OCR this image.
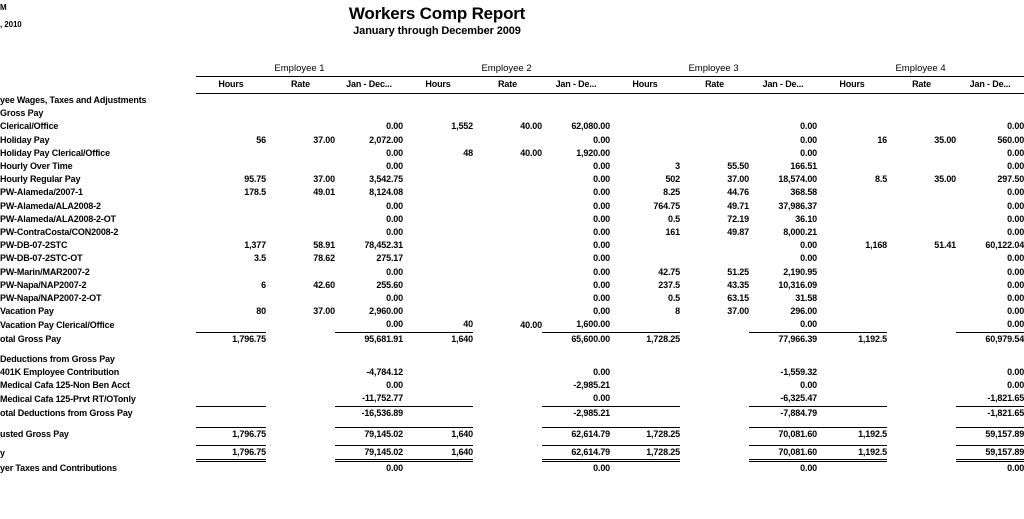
M
, 2010
Workers Comp Report
January through December 2009
	Employee 1			Employee 2			Employee 3			Employee 4		
	Hours	Rate	Jan - Dec...	Hours	Rate	Jan - De...	Hours	Rate	Jan - De...	Hours	Rate	Jan - De...
yee Wages, Taxes and Adjustments												
Gross Pay												
Clerical/Office			0.00	1,552	40.00	62,080.00			0.00			0.00
Holiday Pay	56	37.00	2,072.00			0.00			0.00	16	35.00	560.00
Holiday Pay Clerical/Office			0.00	48	40.00	1,920.00			0.00			0.00
Hourly Over Time			0.00			0.00	3	55.50	166.51			0.00
Hourly Regular Pay	95.75	37.00	3,542.75			0.00	502	37.00	18,574.00	8.5	35.00	297.50
PW-Alameda/2007-1	178.5	49.01	8,124.08			0.00	8.25	44.76	368.58			0.00
PW-Alameda/ALA2008-2			0.00			0.00	764.75	49.71	37,986.37			0.00
PW-Alameda/ALA2008-2-OT			0.00			0.00	0.5	72.19	36.10			0.00
PW-ContraCosta/CON2008-2			0.00			0.00	161	49.87	8,000.21			0.00
PW-DB-07-2STC	1,377	58.91	78,452.31			0.00			0.00	1,168	51.41	60,122.04
PW-DB-07-2STC-OT	3.5	78.62	275.17			0.00			0.00			0.00
PW-Marin/MAR2007-2			0.00			0.00	42.75	51.25	2,190.95			0.00
PW-Napa/NAP2007-2	6	42.60	255.60			0.00	237.5	43.35	10,316.09			0.00
PW-Napa/NAP2007-2-OT			0.00			0.00	0.5	63.15	31.58			0.00
Vacation Pay	80	37.00	2,960.00			0.00	8	37.00	296.00			0.00
Vacation Pay Clerical/Office			0.00	40	40.00	1,600.00			0.00			0.00
otal Gross Pay	1,796.75		95,681.91	1,640		65,600.00	1,728.25		77,966.39	1,192.5		60,979.54

Deductions from Gross Pay												
401K Employee Contribution			-4,784.12			0.00			-1,559.32			0.00
Medical Cafa 125-Non Ben Acct			0.00			-2,985.21			0.00			0.00
Medical Cafa 125-Prvt RT/OTonly			-11,752.77			0.00			-6,325.47			-1,821.65
otal Deductions from Gross Pay			-16,536.89			-2,985.21			-7,884.79			-1,821.65

usted Gross Pay	1,796.75		79,145.02	1,640		62,614.79	1,728.25		70,081.60	1,192.5		59,157.89

y	1,796.75		79,145.02	1,640		62,614.79	1,728.25		70,081.60	1,192.5		59,157.89
yer Taxes and Contributions			0.00			0.00			0.00			0.00
